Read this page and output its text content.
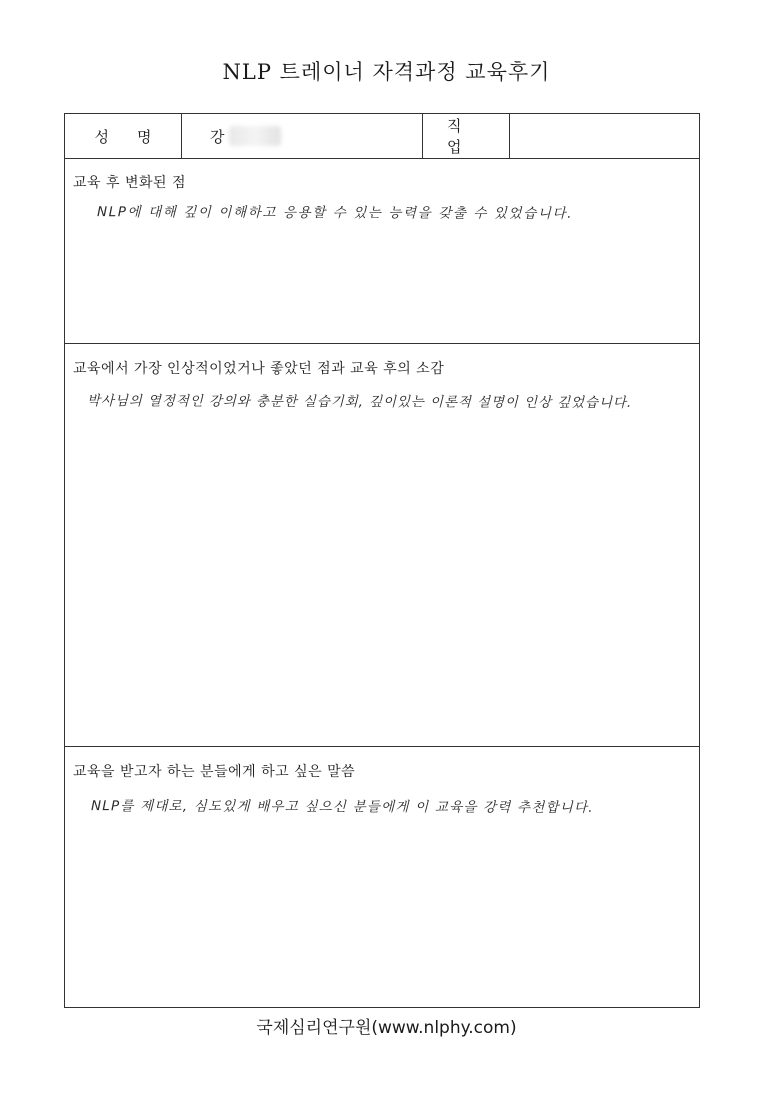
NLP 트레이너 자격과정 교육후기
성명 강
직업
교육 후 변화된 점
NLP에 대해 깊이 이해하고 응용할 수 있는 능력을 갖출 수 있었습니다.
교육에서 가장 인상적이었거나 좋았던 점과 교육 후의 소감
박사님의 열정적인 강의와 충분한 실습기회, 깊이있는 이론적 설명이 인상 깊었습니다.
교육을 받고자 하는 분들에게 하고 싶은 말씀
NLP를 제대로, 심도있게 배우고 싶으신 분들에게 이 교육을 강력 추천합니다.
국제심리연구원(www.nlphy.com)
